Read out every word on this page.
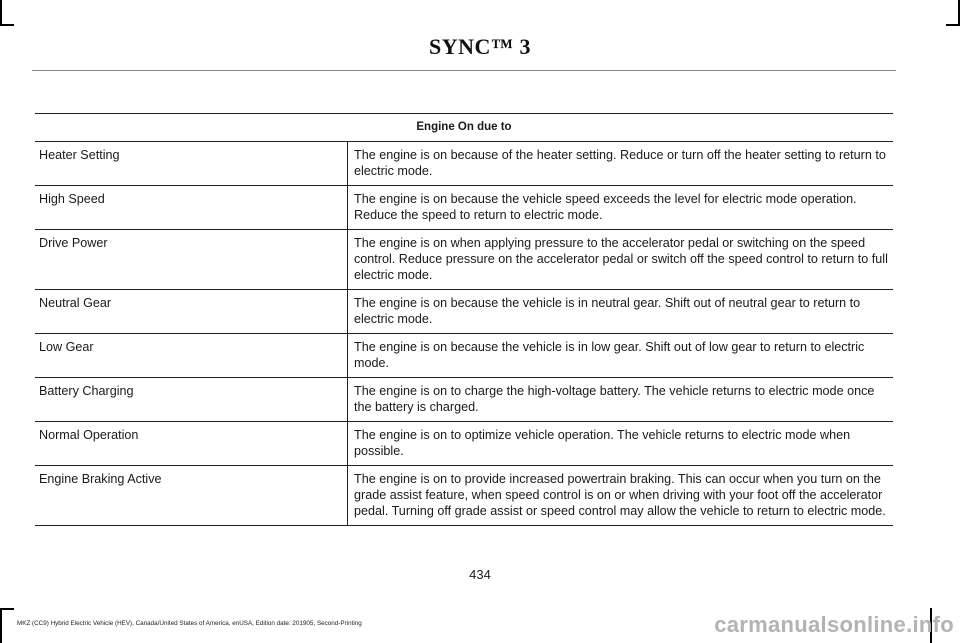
SYNC™ 3
Engine On due to	
Heater Setting	The engine is on because of the heater setting. Reduce or turn off the heater setting to return to electric mode.
High Speed	The engine is on because the vehicle speed exceeds the level for electric mode operation. Reduce the speed to return to electric mode.
Drive Power	The engine is on when applying pressure to the accelerator pedal or switching on the speed control. Reduce pressure on the accelerator pedal or switch off the speed control to return to full electric mode.
Neutral Gear	The engine is on because the vehicle is in neutral gear. Shift out of neutral gear to return to electric mode.
Low Gear	The engine is on because the vehicle is in low gear. Shift out of low gear to return to electric mode.
Battery Charging	The engine is on to charge the high-voltage battery. The vehicle returns to electric mode once the battery is charged.
Normal Operation	The engine is on to optimize vehicle operation. The vehicle returns to electric mode when possible.
Engine Braking Active	The engine is on to provide increased powertrain braking. This can occur when you turn on the grade assist feature, when speed control is on or when driving with your foot off the accelerator pedal. Turning off grade assist or speed control may allow the vehicle to return to electric mode.
434
MKZ (CC9) Hybrid Electric Vehicle (HEV), Canada/United States of America, enUSA, Edition date: 201905, Second-Printing	carmanualsonline.info
